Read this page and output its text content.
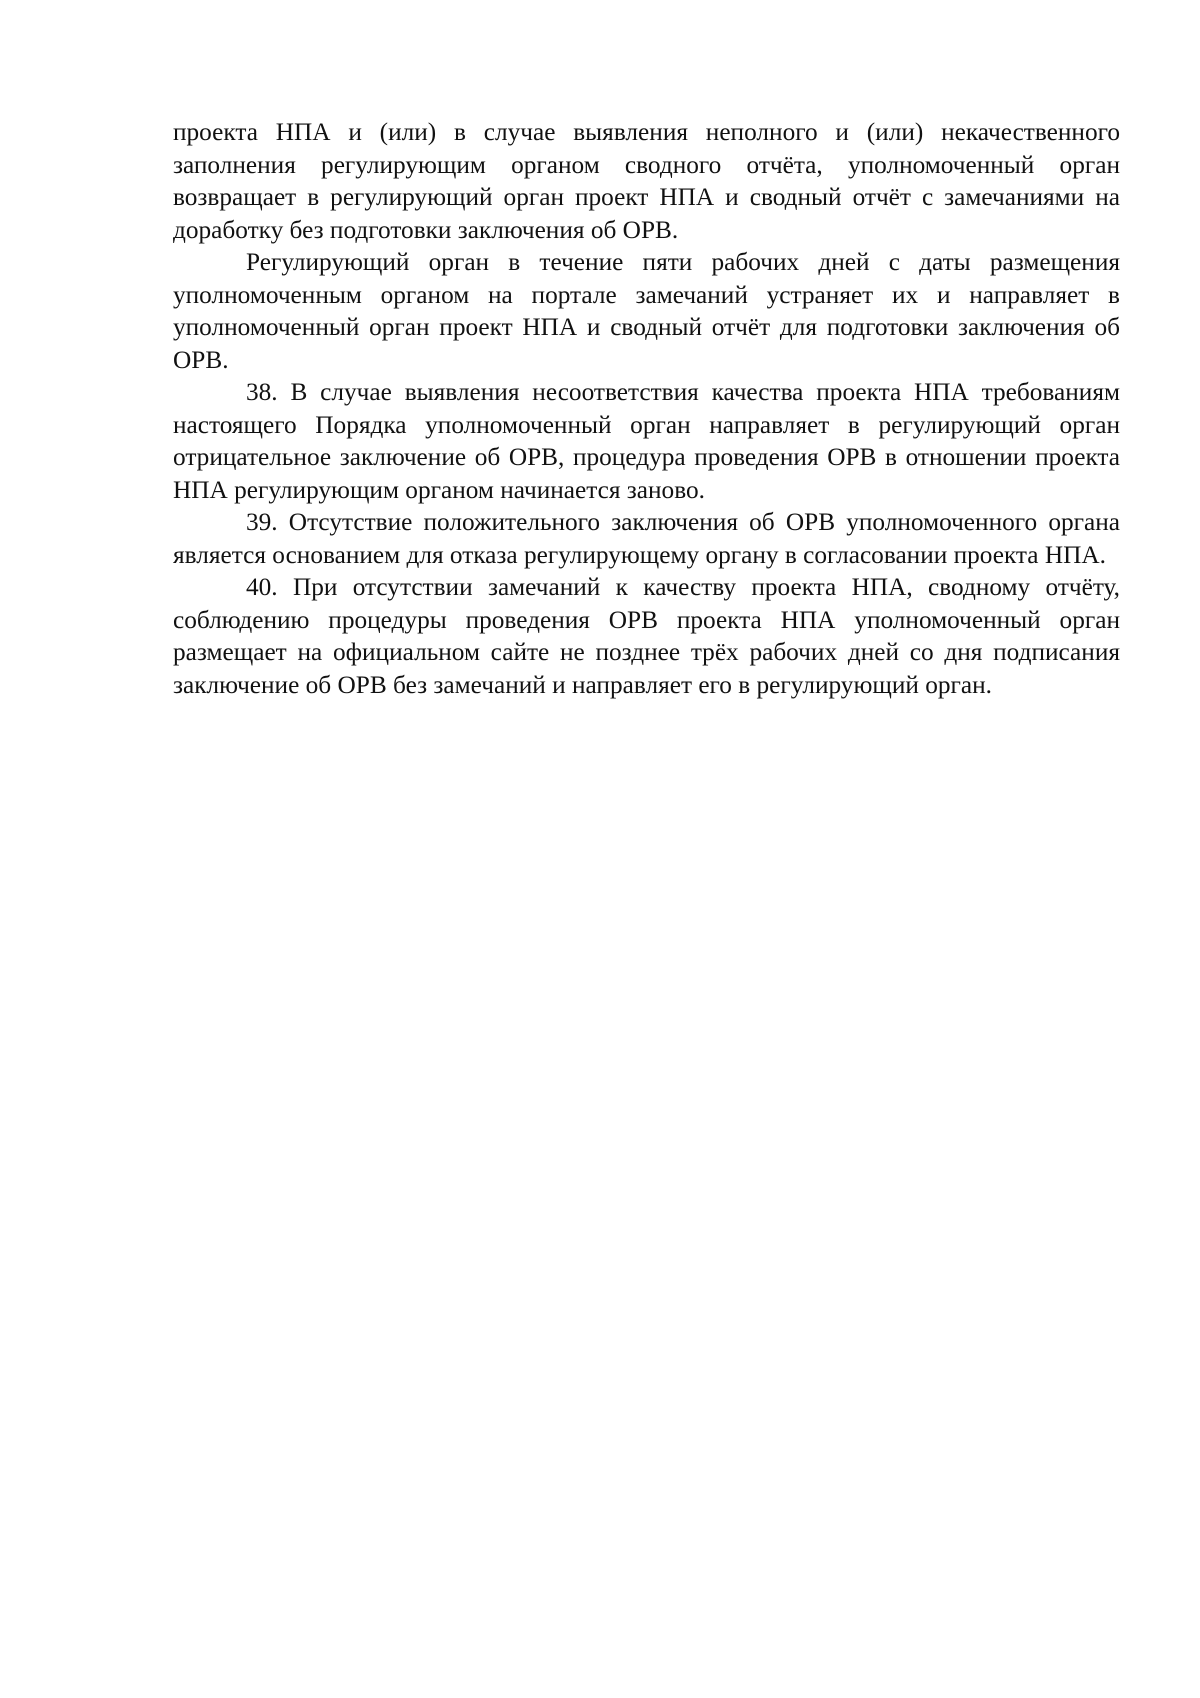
проекта НПА и (или) в случае выявления неполного и (или) некачественного заполнения регулирующим органом сводного отчёта, уполномоченный орган возвращает в регулирующий орган проект НПА и сводный отчёт с замечаниями на доработку без подготовки заключения об ОРВ.

Регулирующий орган в течение пяти рабочих дней с даты размещения уполномоченным органом на портале замечаний устраняет их и направляет в уполномоченный орган проект НПА и сводный отчёт для подготовки заключения об ОРВ.

38. В случае выявления несоответствия качества проекта НПА требованиям настоящего Порядка уполномоченный орган направляет в регулирующий орган отрицательное заключение об ОРВ, процедура проведения ОРВ в отношении проекта НПА регулирующим органом начинается заново.

39. Отсутствие положительного заключения об ОРВ уполномоченного органа является основанием для отказа регулирующему органу в согласовании проекта НПА.

40. При отсутствии замечаний к качеству проекта НПА, сводному отчёту, соблюдению процедуры проведения ОРВ проекта НПА уполномоченный орган размещает на официальном сайте не позднее трёх рабочих дней со дня подписания заключение об ОРВ без замечаний и направляет его в регулирующий орган.
